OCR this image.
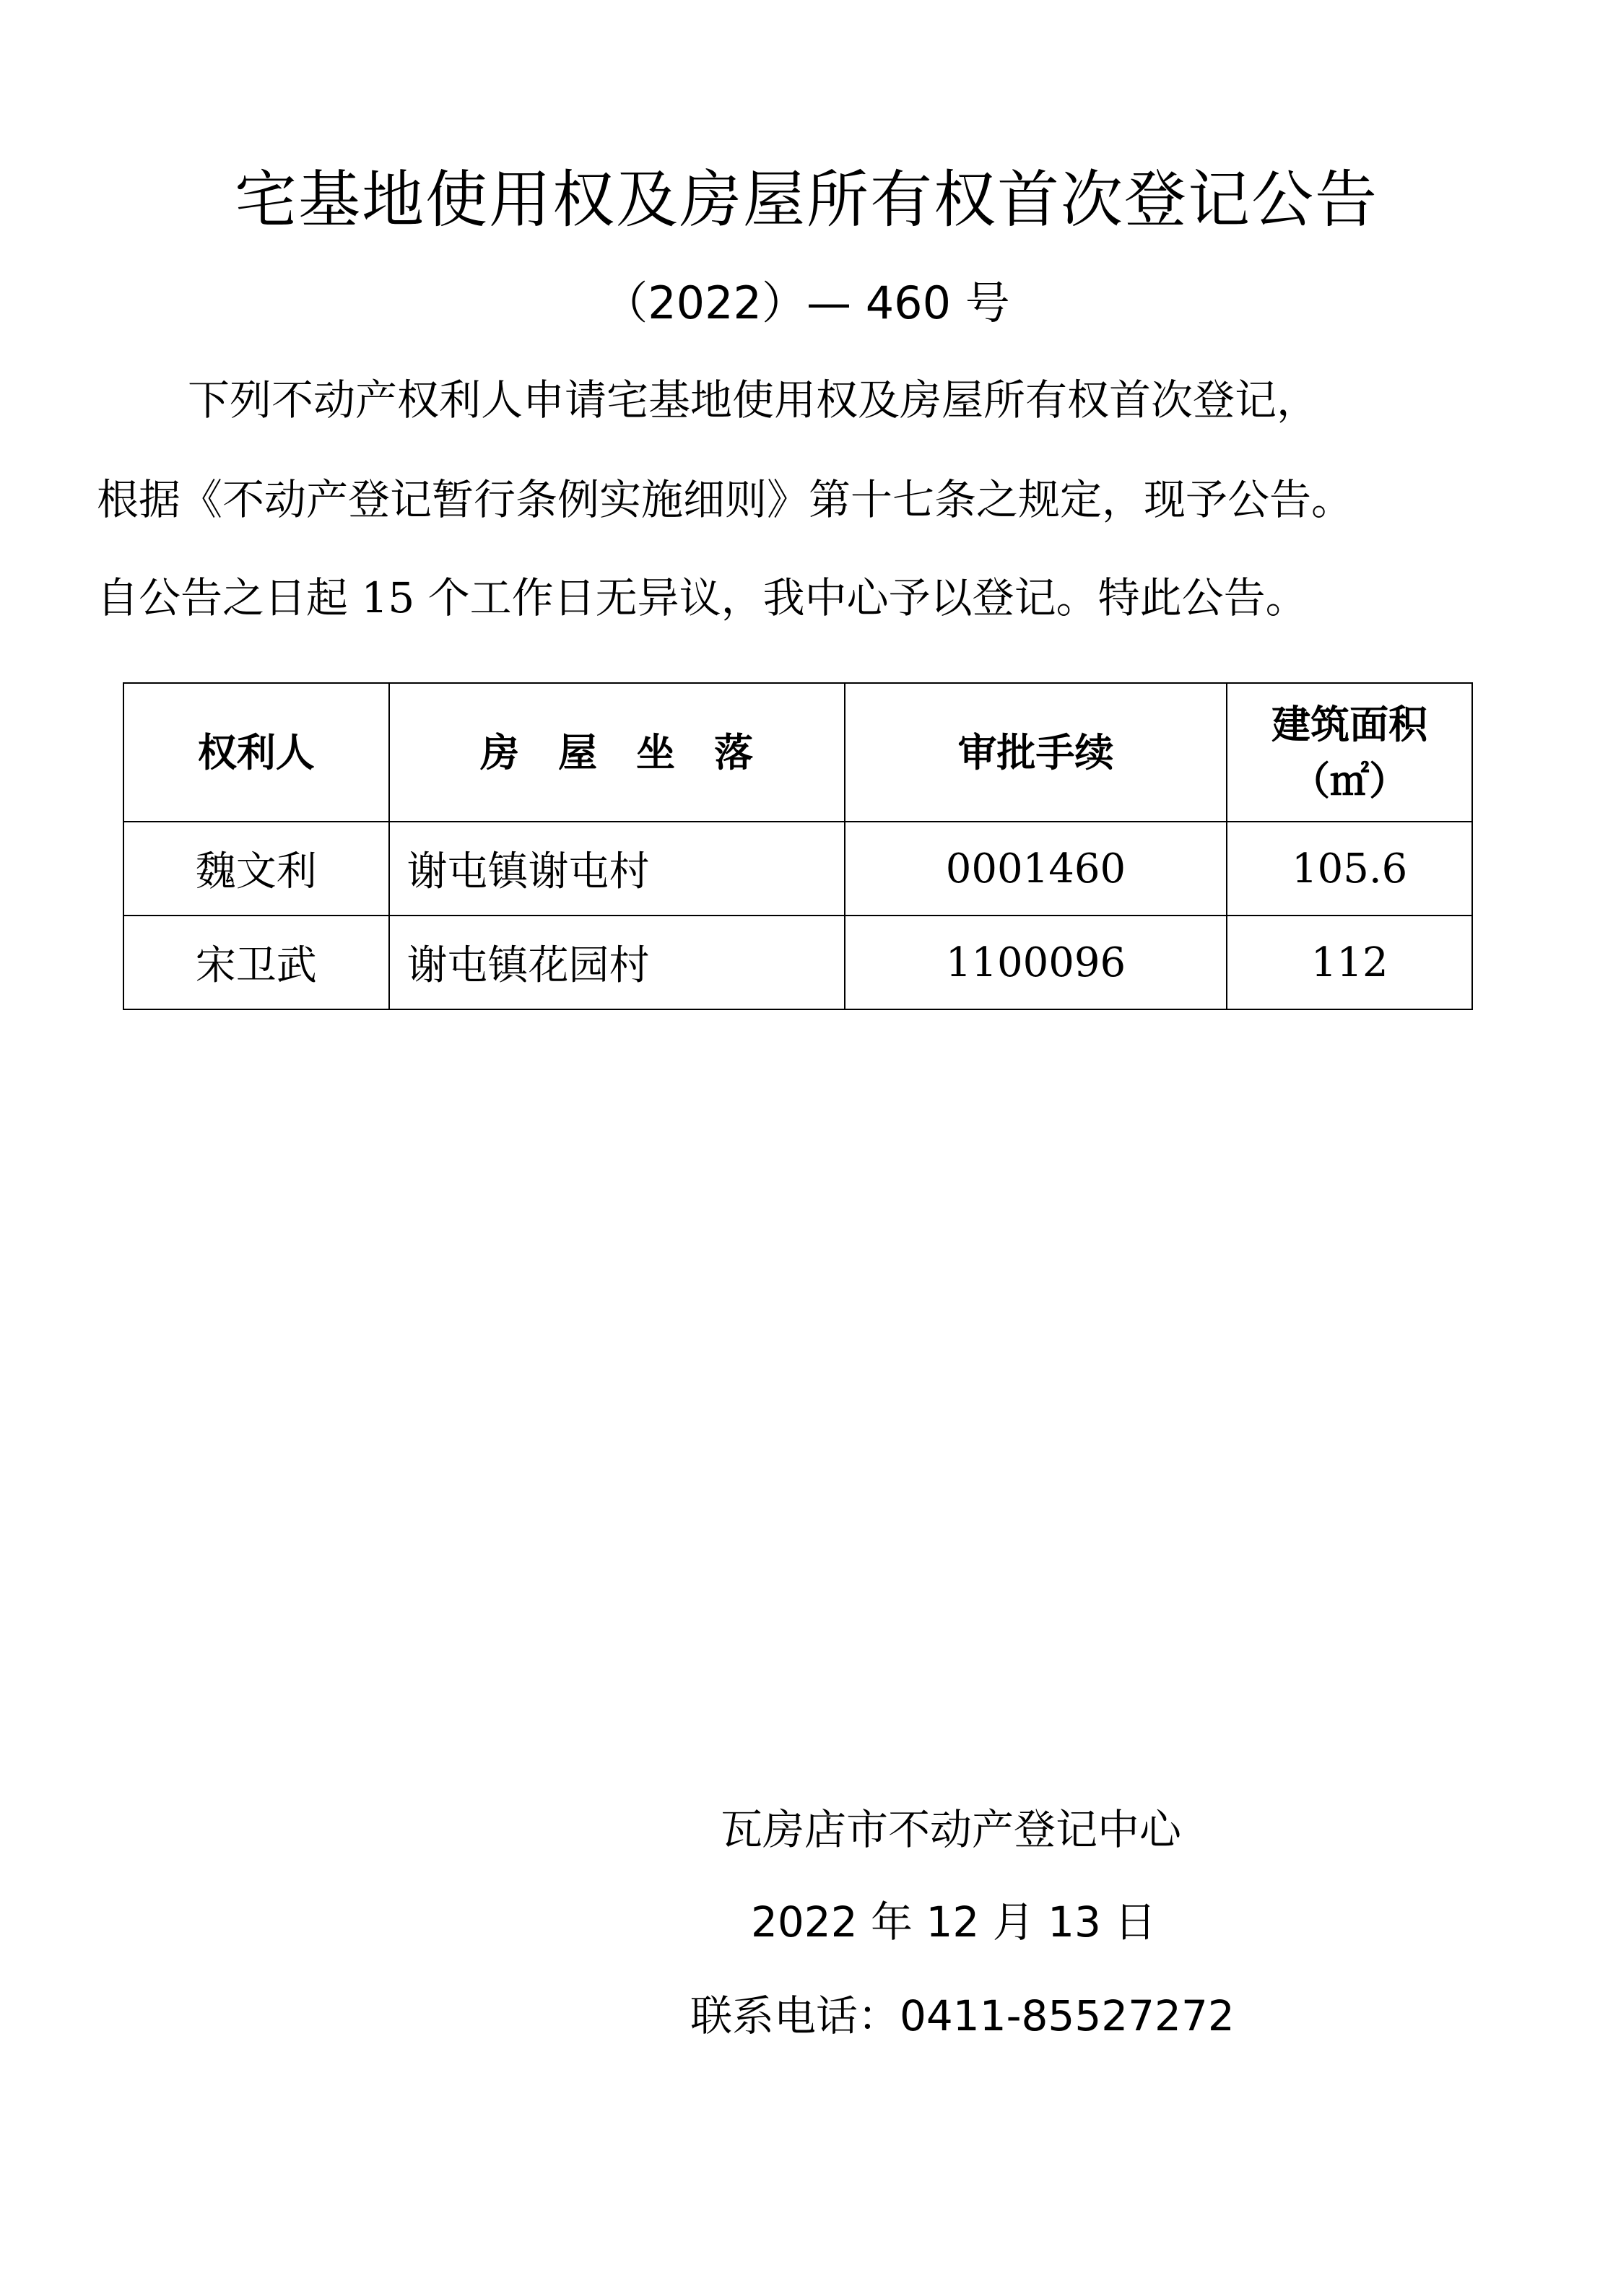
宅基地使用权及房屋所有权首次登记公告
（2022）— 460 号
下列不动产权利人申请宅基地使用权及房屋所有权首次登记，
根据《不动产登记暂行条例实施细则》第十七条之规定，现予公告。
自公告之日起 15 个工作日无异议，我中心予以登记。特此公告。
权利人	房　屋　坐　落	审批手续	建筑面积
（㎡）

魏文利	谢屯镇谢屯村	0001460	105.6
宋卫武	谢屯镇花园村	1100096	112
瓦房店市不动产登记中心
2022 年 12 月 13 日
联系电话：0411-85527272
